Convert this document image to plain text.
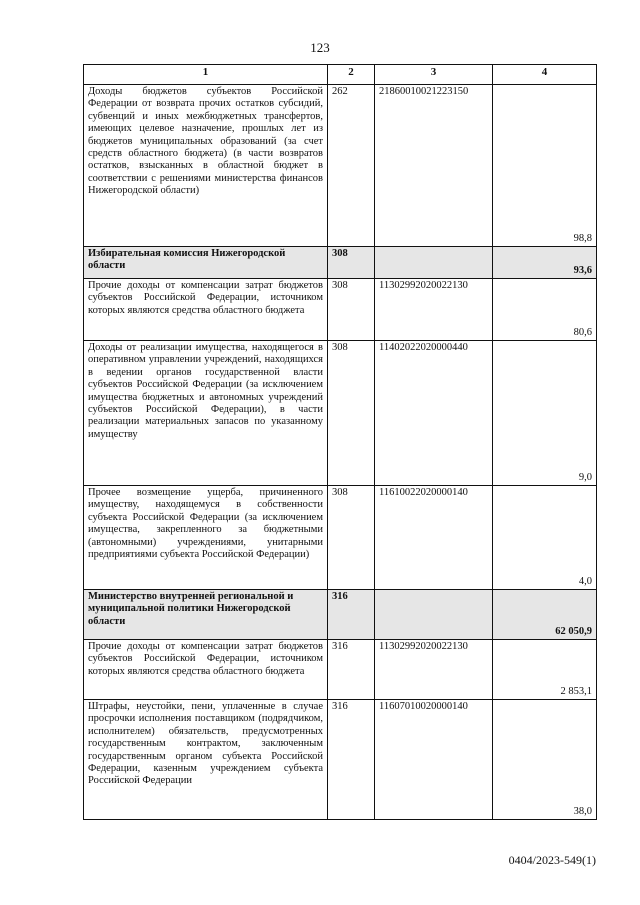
123
1	2	3	4
Доходы бюджетов субъектов Российской Федерации от возврата прочих остатков субсидий, субвенций и иных межбюджетных трансфертов, имеющих целевое назначение, прошлых лет из бюджетов муниципальных образований (за счет средств областного бюджета) (в части возвратов остатков, взысканных в областной бюджет в соответствии с решениями министерства финансов Нижегородской области)	262	21860010021223150	98,8
Избирательная комиссия Нижегородской области	308		93,6
Прочие доходы от компенсации затрат бюджетов субъектов Российской Федерации, источником которых являются средства областного бюджета	308	11302992020022130	80,6
Доходы от реализации имущества, находящегося в оперативном управлении учреждений, находящихся в ведении органов государственной власти субъектов Российской Федерации (за исключением имущества бюджетных и автономных учреждений субъектов Российской Федерации), в части реализации материальных запасов по указанному имуществу	308	11402022020000440	9,0
Прочее возмещение ущерба, причиненного имуществу, находящемуся в собственности субъекта Российской Федерации (за исключением имущества, закрепленного за бюджетными (автономными) учреждениями, унитарными предприятиями субъекта Российской Федерации)	308	11610022020000140	4,0
Министерство внутренней региональной и муниципальной политики Нижегородской области	316		62 050,9
Прочие доходы от компенсации затрат бюджетов субъектов Российской Федерации, источником которых являются средства областного бюджета	316	11302992020022130	2 853,1
Штрафы, неустойки, пени, уплаченные в случае просрочки исполнения поставщиком (подрядчиком, исполнителем) обязательств, предусмотренных государственным контрактом, заключенным государственным органом субъекта Российской Федерации, казенным учреждением субъекта Российской Федерации	316	11607010020000140	38,0
0404/2023-549(1)
